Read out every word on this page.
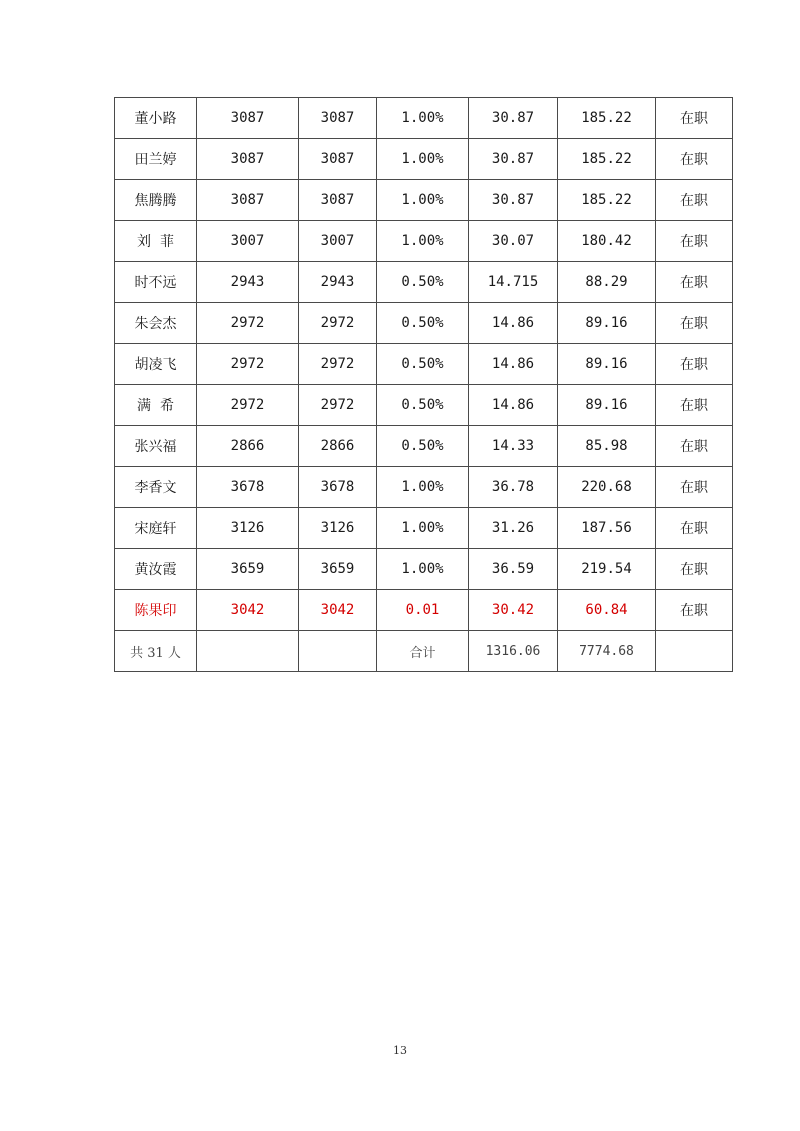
董小路	3087	3087	1.00%	30.87	185.22	在职
田兰婷	3087	3087	1.00%	30.87	185.22	在职
焦腾腾	3087	3087	1.00%	30.87	185.22	在职
刘  菲	3007	3007	1.00%	30.07	180.42	在职
时不远	2943	2943	0.50%	14.715	88.29	在职
朱会杰	2972	2972	0.50%	14.86	89.16	在职
胡凌飞	2972	2972	0.50%	14.86	89.16	在职
满  希	2972	2972	0.50%	14.86	89.16	在职
张兴福	2866	2866	0.50%	14.33	85.98	在职
李香文	3678	3678	1.00%	36.78	220.68	在职
宋庭轩	3126	3126	1.00%	31.26	187.56	在职
黄汝霞	3659	3659	1.00%	36.59	219.54	在职
陈果印	3042	3042	0.01	30.42	60.84	在职
共 31 人			合计	1316.06	7774.68	
13
